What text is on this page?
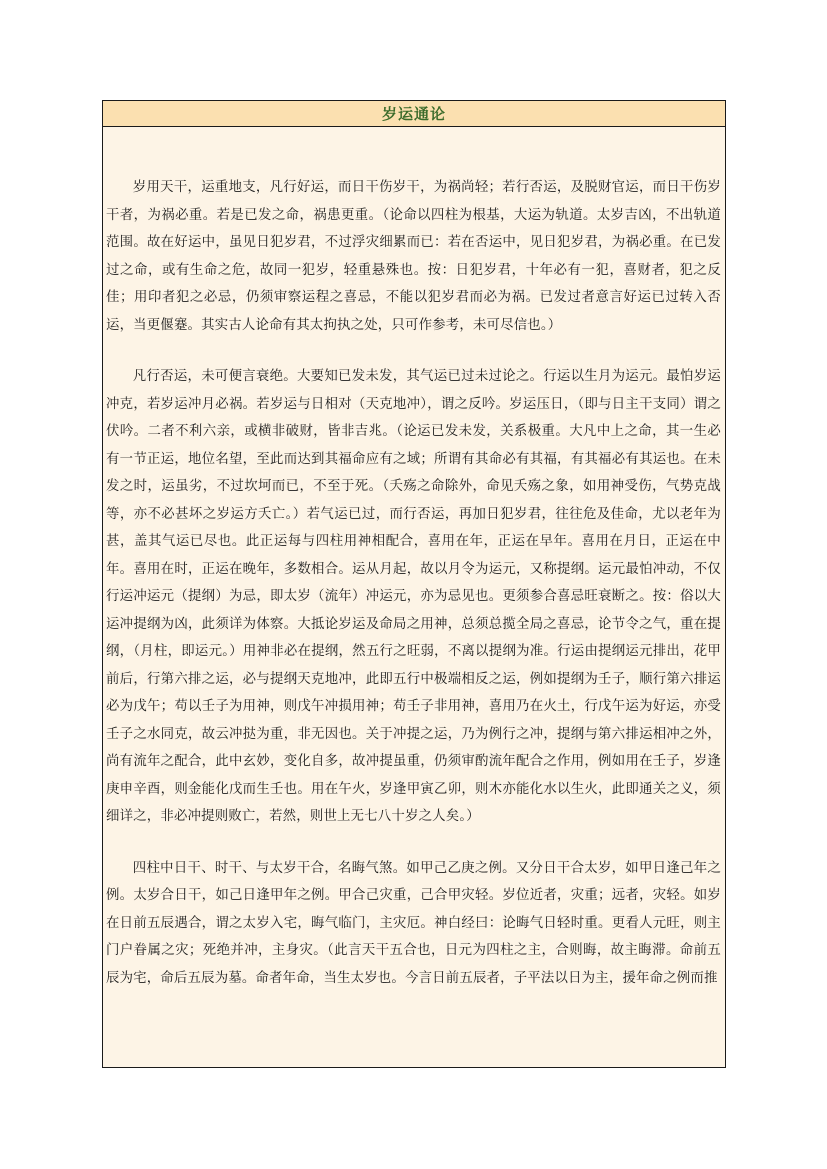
岁运通论

岁用天干，运重地支，凡行好运，而日干伤岁干，为祸尚轻；若行否运，及脱财官运，而日干伤岁干者，为祸必重。若是已发之命，祸患更重。（论命以四柱为根基，大运为轨道。太岁吉凶，不出轨道范围。故在好运中，虽见日犯岁君，不过浮灾细累而已：若在否运中，见日犯岁君，为祸必重。在已发过之命，或有生命之危，故同一犯岁，轻重悬殊也。按：日犯岁君，十年必有一犯，喜财者，犯之反佳；用印者犯之必忌，仍须审察运程之喜忌，不能以犯岁君而必为祸。已发过者意言好运已过转入否运，当更偃蹇。其实古人论命有其太拘执之处，只可作参考，未可尽信也。）

凡行否运，未可便言衰绝。大要知已发未发，其气运已过未过论之。行运以生月为运元。最怕岁运冲克，若岁运冲月必祸。若岁运与日相对（天克地冲），谓之反吟。岁运压日，（即与日主干支同）谓之伏吟。二者不利六亲，或横非破财，皆非吉兆。（论运已发未发，关系极重。大凡中上之命，其一生必有一节正运，地位名望，至此而达到其福命应有之域；所谓有其命必有其福，有其福必有其运也。在未发之时，运虽劣，不过坎坷而已，不至于死。（夭殇之命除外，命见夭殇之象，如用神受伤，气势克战等，亦不必甚坏之岁运方夭亡。）若气运已过，而行否运，再加日犯岁君，往往危及佳命，尤以老年为甚，盖其气运已尽也。此正运每与四柱用神相配合，喜用在年，正运在早年。喜用在月日，正运在中年。喜用在时，正运在晚年，多数相合。运从月起，故以月令为运元，又称提纲。运元最怕冲动，不仅行运冲运元（提纲）为忌，即太岁（流年）冲运元，亦为忌见也。更须参合喜忌旺衰断之。按：俗以大运冲提纲为凶，此须详为体察。大抵论岁运及命局之用神，总须总揽全局之喜忌，论节令之气，重在提纲，（月柱，即运元。）用神非必在提纲，然五行之旺弱，不离以提纲为准。行运由提纲运元排出，花甲前后，行第六排之运，必与提纲天克地冲，此即五行中极端相反之运，例如提纲为壬子，顺行第六排运必为戊午；苟以壬子为用神，则戊午冲损用神；苟壬子非用神，喜用乃在火土，行戊午运为好运，亦受壬子之水同克，故云冲挞为重，非无因也。关于冲提之运，乃为例行之冲，提纲与第六排运相冲之外，尚有流年之配合，此中玄妙，变化自多，故冲提虽重，仍须审酌流年配合之作用，例如用在壬子，岁逢庚申辛酉，则金能化戊而生壬也。用在午火，岁逢甲寅乙卯，则木亦能化水以生火，此即通关之义，须细详之，非必冲提则败亡，若然，则世上无七八十岁之人矣。）

四柱中日干、时干、与太岁干合，名晦气煞。如甲己乙庚之例。又分日干合太岁，如甲日逢己年之例。太岁合日干，如己日逢甲年之例。甲合己灾重，己合甲灾轻。岁位近者，灾重；远者，灾轻。如岁在日前五辰遇合，谓之太岁入宅，晦气临门，主灾厄。神白经曰：论晦气日轻时重。更看人元旺，则主门户眷属之灾；死绝并冲，主身灾。（此言天干五合也，日元为四柱之主，合则晦，故主晦滞。命前五辰为宅，命后五辰为墓。命者年命，当生太岁也。今言日前五辰者，子平法以日为主，援年命之例而推
